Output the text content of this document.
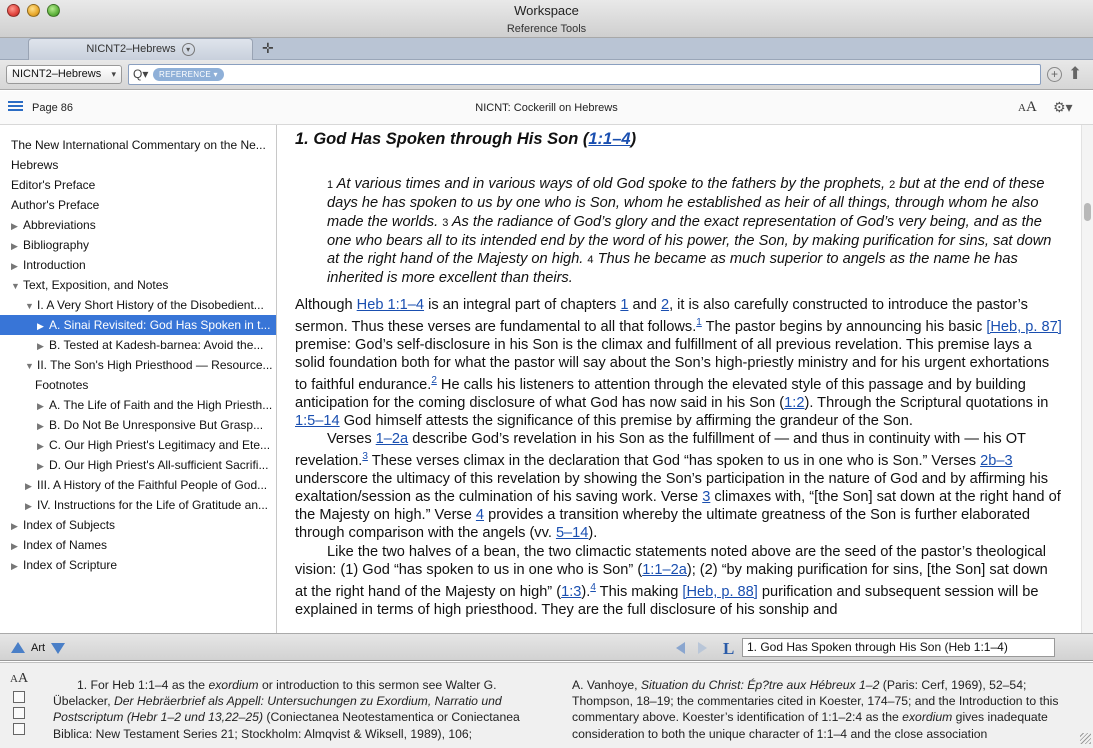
Workspace
Reference Tools
NICNT2–Hebrews ▾	✛
NICNT2–Hebrews ▾ Q▾	REFERENCE ▾	+ ⬆
Page 86	NICNT: Cockerill on Hebrews	AA ⚙▾
The New International Commentary on the Ne...
Hebrews
Editor's Preface
Author's Preface
▶ Abbreviations
▶ Bibliography
▶ Introduction
▼ Text, Exposition, and Notes
▼ I. A Very Short History of the Disobedient...
▶ A. Sinai Revisited: God Has Spoken in t...
▶ B. Tested at Kadesh-barnea: Avoid the...
▼ II. The Son's High Priesthood — Resource...
Footnotes
▶ A. The Life of Faith and the High Priesth...
▶ B. Do Not Be Unresponsive But Grasp...
▶ C. Our High Priest's Legitimacy and Ete...
▶ D. Our High Priest's All-sufficient Sacrifi...
▶ III. A History of the Faithful People of God...
▶ IV. Instructions for the Life of Gratitude an...
▶ Index of Subjects
▶ Index of Names
▶ Index of Scripture
1. God Has Spoken through His Son (1:1–4)
1 At various times and in various ways of old God spoke to the fathers by the prophets, 2 but at the end of these days he has spoken to us by one who is Son, whom he established as heir of all things, through whom he also made the worlds. 3 As the radiance of God’s glory and the exact representation of God’s very being, and as the one who bears all to its intended end by the word of his power, the Son, by making purification for sins, sat down at the right hand of the Majesty on high. 4 Thus he became as much superior to angels as the name he has inherited is more excellent than theirs.
Although Heb 1:1–4 is an integral part of chapters 1 and 2, it is also carefully constructed to introduce the pastor’s sermon. Thus these verses are fundamental to all that follows.$^1$ The pastor begins by announcing his basic [Heb, p. 87] premise: God’s self-disclosure in his Son is the climax and fulfillment of all previous revelation. This premise lays a solid foundation both for what the pastor will say about the Son’s high-priestly ministry and for his urgent exhortations to faithful endurance.$^2$ He calls his listeners to attention through the elevated style of this passage and by building anticipation for the coming disclosure of what God has now said in his Son (1:2). Through the Scriptural quotations in 1:5–14 God himself attests the significance of this premise by affirming the grandeur of the Son.
Verses 1–2a describe God’s revelation in his Son as the fulfillment of — and thus in continuity with — his OT revelation.$^3$ These verses climax in the declaration that God “has spoken to us in one who is Son.” Verses 2b–3 underscore the ultimacy of this revelation by showing the Son’s participation in the nature of God and by affirming his exaltation/session as the culmination of his saving work. Verse 3 climaxes with, “[the Son] sat down at the right hand of the Majesty on high.” Verse 4 provides a transition whereby the ultimate greatness of the Son is further elaborated through comparison with the angels (vv. 5–14).
Like the two halves of a bean, the two climactic statements noted above are the seed of the pastor’s theological vision: (1) God “has spoken to us in one who is Son” (1:1–2a); (2) “by making purification for sins, [the Son] sat down at the right hand of the Majesty on high” (1:3).$^4$ This making [Heb, p. 88] purification and subsequent session will be explained in terms of high priesthood. They are the full disclosure of his sonship and
Art	L	1. God Has Spoken through His Son (Heb 1:1–4)
AA	1. For Heb 1:1–4 as the exordium or introduction to this sermon see Walter G. Übelacker, Der Hebräerbrief als Appell: Untersuchungen zu Exordium, Narratio und Postscriptum (Hebr 1–2 und 13,22–25) (Coniectanea Neotestamentica or Coniectanea Biblica: New Testament Series 21; Stockholm: Almqvist & Wiksell, 1989), 106;
A. Vanhoye, Situation du Christ: Ép?tre aux Hébreux 1–2 (Paris: Cerf, 1969), 52–54; Thompson, 18–19; the commentaries cited in Koester, 174–75; and the Introduction to this commentary above. Koester’s identification of 1:1–2:4 as the exordium gives inadequate consideration to both the unique character of 1:1–4 and the close association
